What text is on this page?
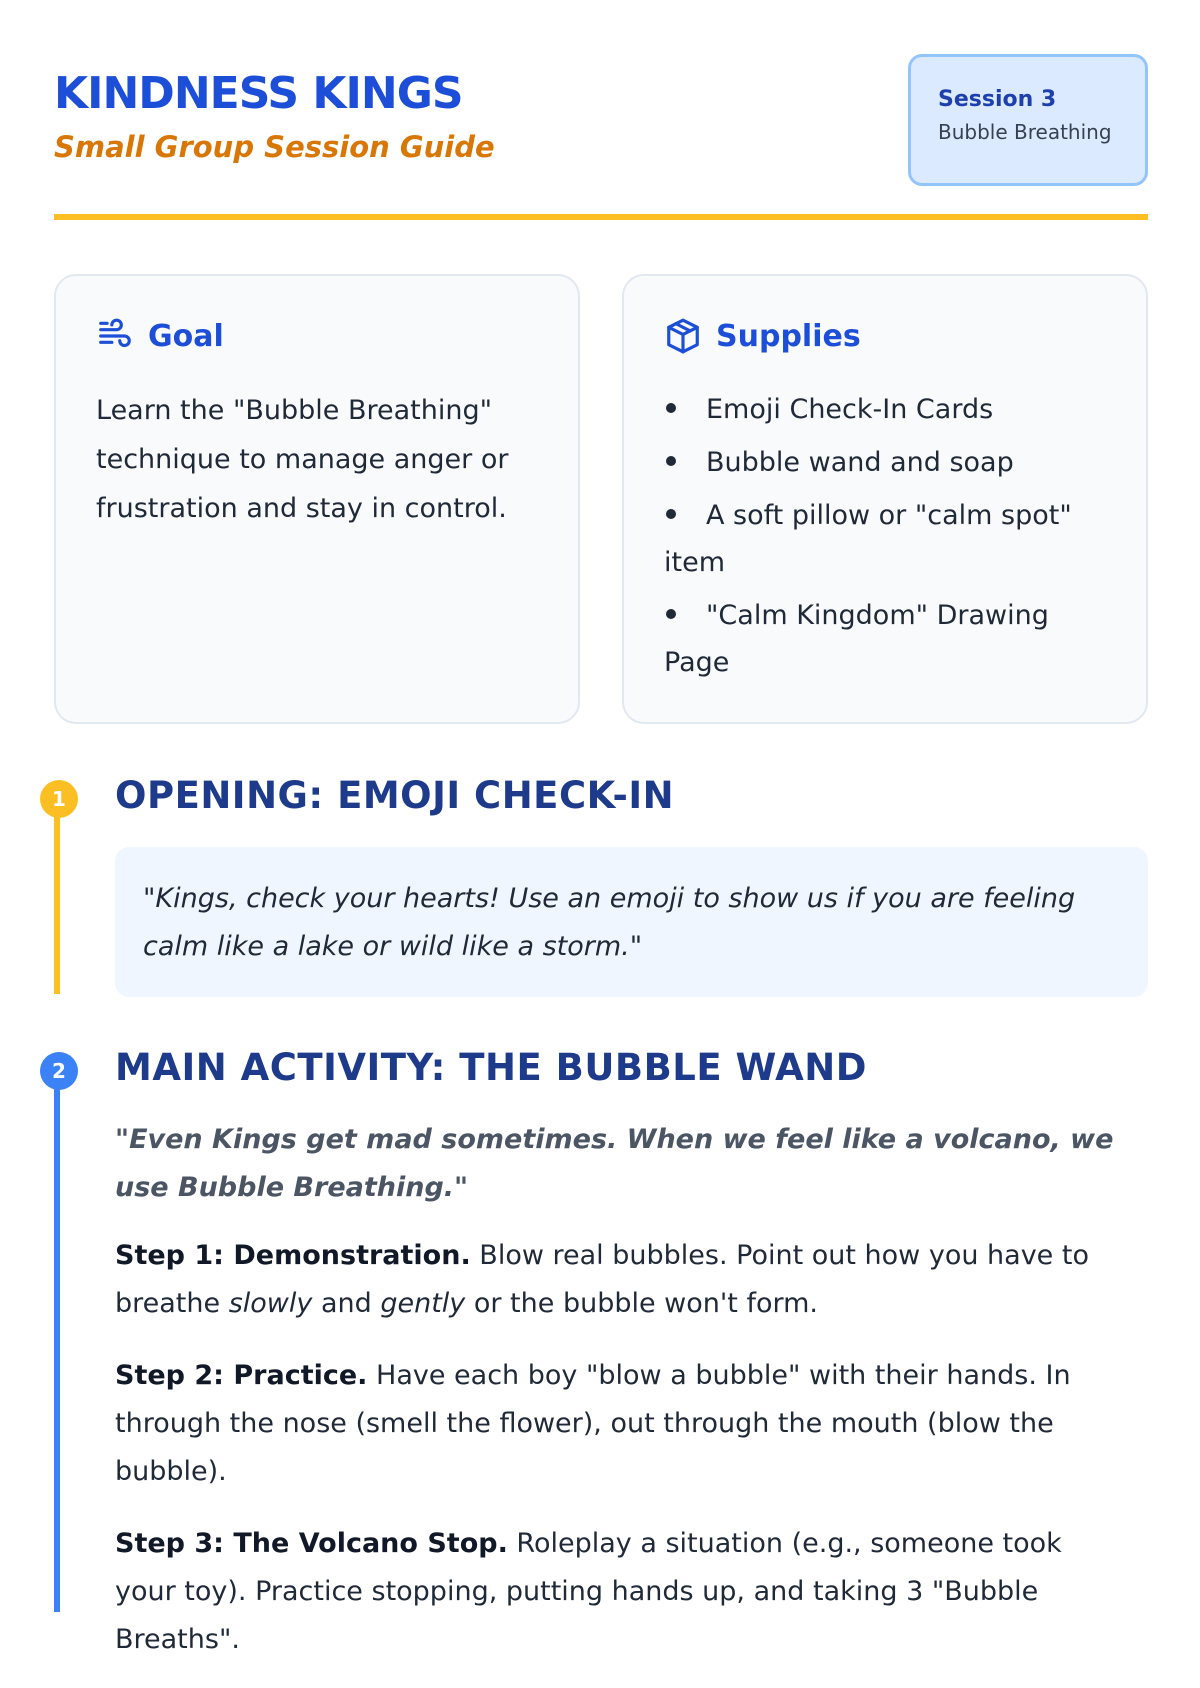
KINDNESS KINGS
Small Group Session Guide
Session 3
Bubble Breathing
Goal
Learn the "Bubble Breathing" technique to manage anger or frustration and stay in control.
Supplies
Emoji Check-In Cards
Bubble wand and soap
A soft pillow or "calm spot" item
"Calm Kingdom" Drawing Page
1	OPENING: EMOJI CHECK-IN
"Kings, check your hearts! Use an emoji to show us if you are feeling calm like a lake or wild like a storm."
2	MAIN ACTIVITY: THE BUBBLE WAND
"Even Kings get mad sometimes. When we feel like a volcano, we use Bubble Breathing."

Step 1: Demonstration. Blow real bubbles. Point out how you have to breathe slowly and gently or the bubble won't form.

Step 2: Practice. Have each boy "blow a bubble" with their hands. In through the nose (smell the flower), out through the mouth (blow the bubble).

Step 3: The Volcano Stop. Roleplay a situation (e.g., someone took your toy). Practice stopping, putting hands up, and taking 3 "Bubble Breaths".
